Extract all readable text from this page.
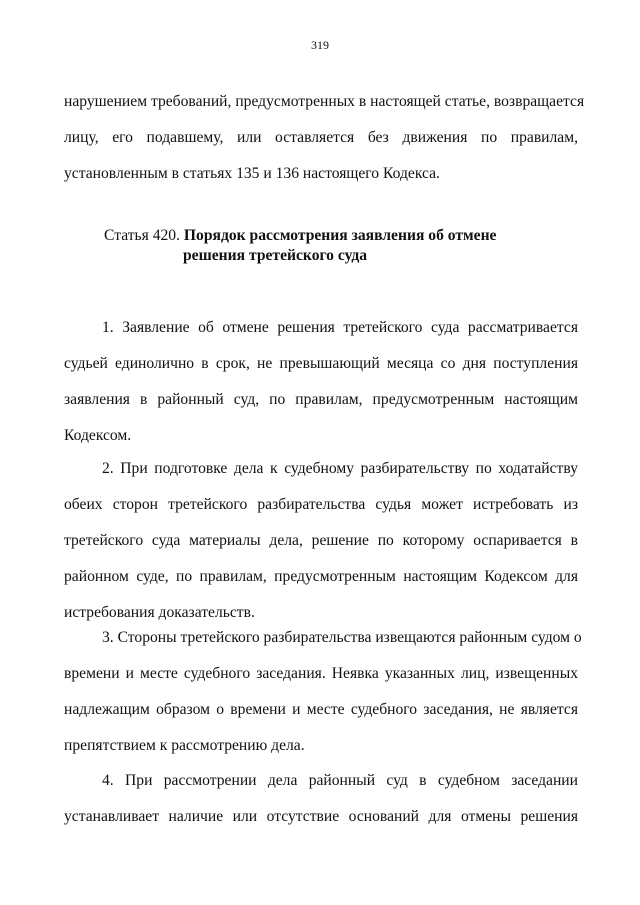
319
нарушением требований, предусмотренных в настоящей статье, возвращается
лицу, его подавшему, или оставляется без движения по правилам,
установленным в статьях 135 и 136 настоящего Кодекса.
Статья 420. Порядок рассмотрения заявления об отмене
решения третейского суда
1. Заявление об отмене решения третейского суда рассматривается
судьей единолично в срок, не превышающий месяца со дня поступления
заявления в районный суд, по правилам, предусмотренным настоящим
Кодексом.
2. При подготовке дела к судебному разбирательству по ходатайству
обеих сторон третейского разбирательства судья может истребовать из
третейского суда материалы дела, решение по которому оспаривается в
районном суде, по правилам, предусмотренным настоящим Кодексом для
истребования доказательств.
3. Стороны третейского разбирательства извещаются районным судом о
времени и месте судебного заседания. Неявка указанных лиц, извещенных
надлежащим образом о времени и месте судебного заседания, не является
препятствием к рассмотрению дела.
4. При рассмотрении дела районный суд в судебном заседании
устанавливает наличие или отсутствие оснований для отмены решения
